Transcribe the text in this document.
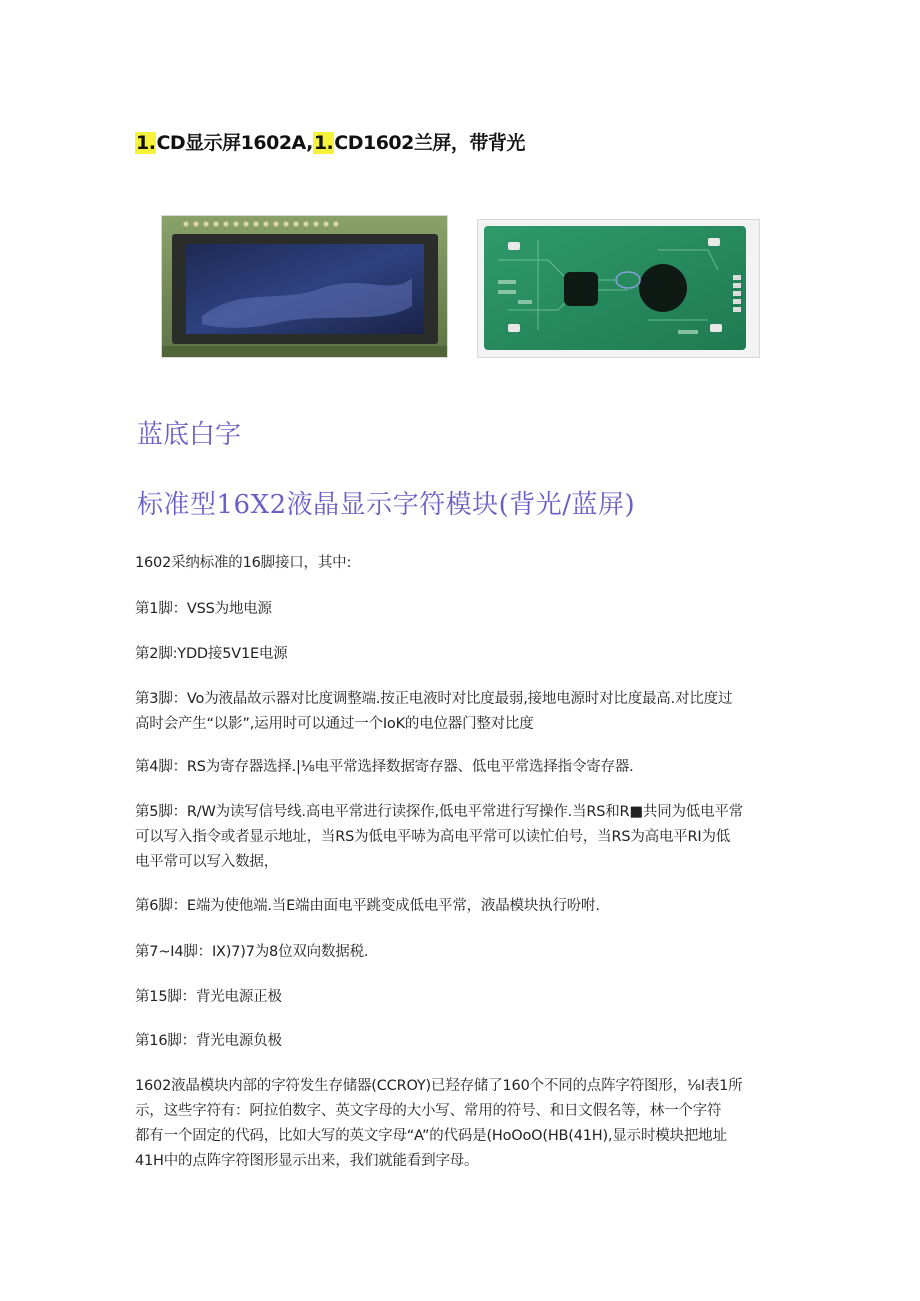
1.CD显示屏1602A,1.CD1602兰屏，带背光
蓝底白字
标准型16X2液晶显示字符模块(背光/蓝屏)
1602采纳标准的16脚接口，其中:
第1脚：VSS为地电源
第2脚:YDD接5V1E电源
第3脚：Vo为液晶故示器对比度调整端.按正电液时对比度最弱,接地电源时对比度最高.对比度过
高时会产生“以影”,运用时可以通过一个IoK的电位器门整对比度
第4脚：RS为寄存器选择.|⅛电平常选择数据寄存器、低电平常选择指令寄存器.
第5脚：R/W为读写信号线.高电平常进行读探作,低电平常进行写操作.当RS和R■共同为低电平常
可以写入指令或者显示地址，当RS为低电平哧为高电平常可以读忙伯号，当RS为高电平RI为低
电平常可以写入数据，
第6脚：E端为使他端.当E端由面电平跳变成低电平常，液晶模块执行吩咐.
第7~I4脚：IX)7)7为8位双向数据税.
第15脚：背光电源正极
第16脚：背光电源负极
1602液晶模块内部的字符发生存储器(CCROY)已羟存储了160个不同的点阵字符图形，⅛I表1所
示，这些字符有：阿拉伯数字、英文字母的大小写、常用的符号、和日文假名等，林一个字符
都有一个固定的代码，比如大写的英文字母“A”的代码是(HoOoO(HB(41H),显示时模块把地址
41H中的点阵字符图形显示出来，我们就能看到字母。
